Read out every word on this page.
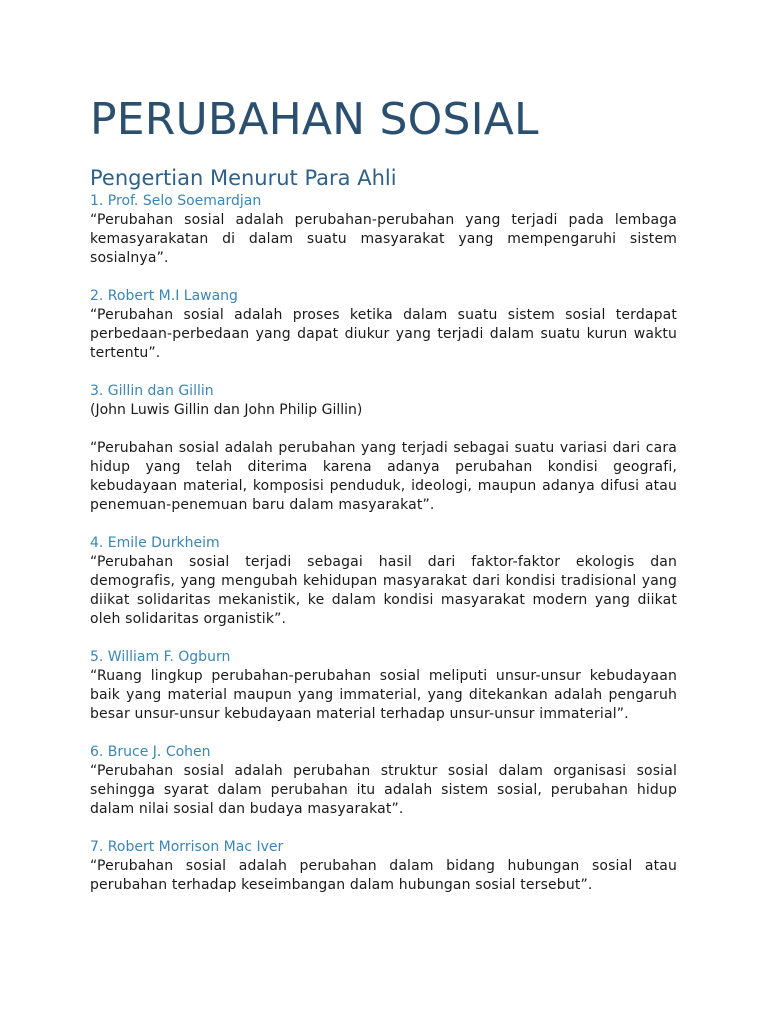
PERUBAHAN SOSIAL
Pengertian Menurut Para Ahli

1. Prof. Selo Soemardjan

“Perubahan sosial adalah perubahan-perubahan yang terjadi pada lembaga kemasyarakatan di dalam suatu masyarakat yang mempengaruhi sistem sosialnya”.

2. Robert M.I Lawang

“Perubahan sosial adalah proses ketika dalam suatu sistem sosial terdapat perbedaan-perbedaan yang dapat diukur yang terjadi dalam suatu kurun waktu tertentu”.

3. Gillin dan Gillin

(John Luwis Gillin dan John Philip Gillin)

“Perubahan sosial adalah perubahan yang terjadi sebagai suatu variasi dari cara hidup yang telah diterima karena adanya perubahan kondisi geografi, kebudayaan material, komposisi penduduk, ideologi, maupun adanya difusi atau penemuan-penemuan baru dalam masyarakat”.

4. Emile Durkheim

“Perubahan sosial terjadi sebagai hasil dari faktor-faktor ekologis dan demografis, yang mengubah kehidupan masyarakat dari kondisi tradisional yang diikat solidaritas mekanistik, ke dalam kondisi masyarakat modern yang diikat oleh solidaritas organistik”.

5. William F. Ogburn

“Ruang lingkup perubahan-perubahan sosial meliputi unsur-unsur kebudayaan baik yang material maupun yang immaterial, yang ditekankan adalah pengaruh besar unsur-unsur kebudayaan material terhadap unsur-unsur immaterial”.

6. Bruce J. Cohen

“Perubahan sosial adalah perubahan struktur sosial dalam organisasi sosial sehingga syarat dalam perubahan itu adalah sistem sosial, perubahan hidup dalam nilai sosial dan budaya masyarakat”.

7. Robert Morrison Mac Iver

“Perubahan sosial adalah perubahan dalam bidang hubungan sosial atau perubahan terhadap keseimbangan dalam hubungan sosial tersebut”.
